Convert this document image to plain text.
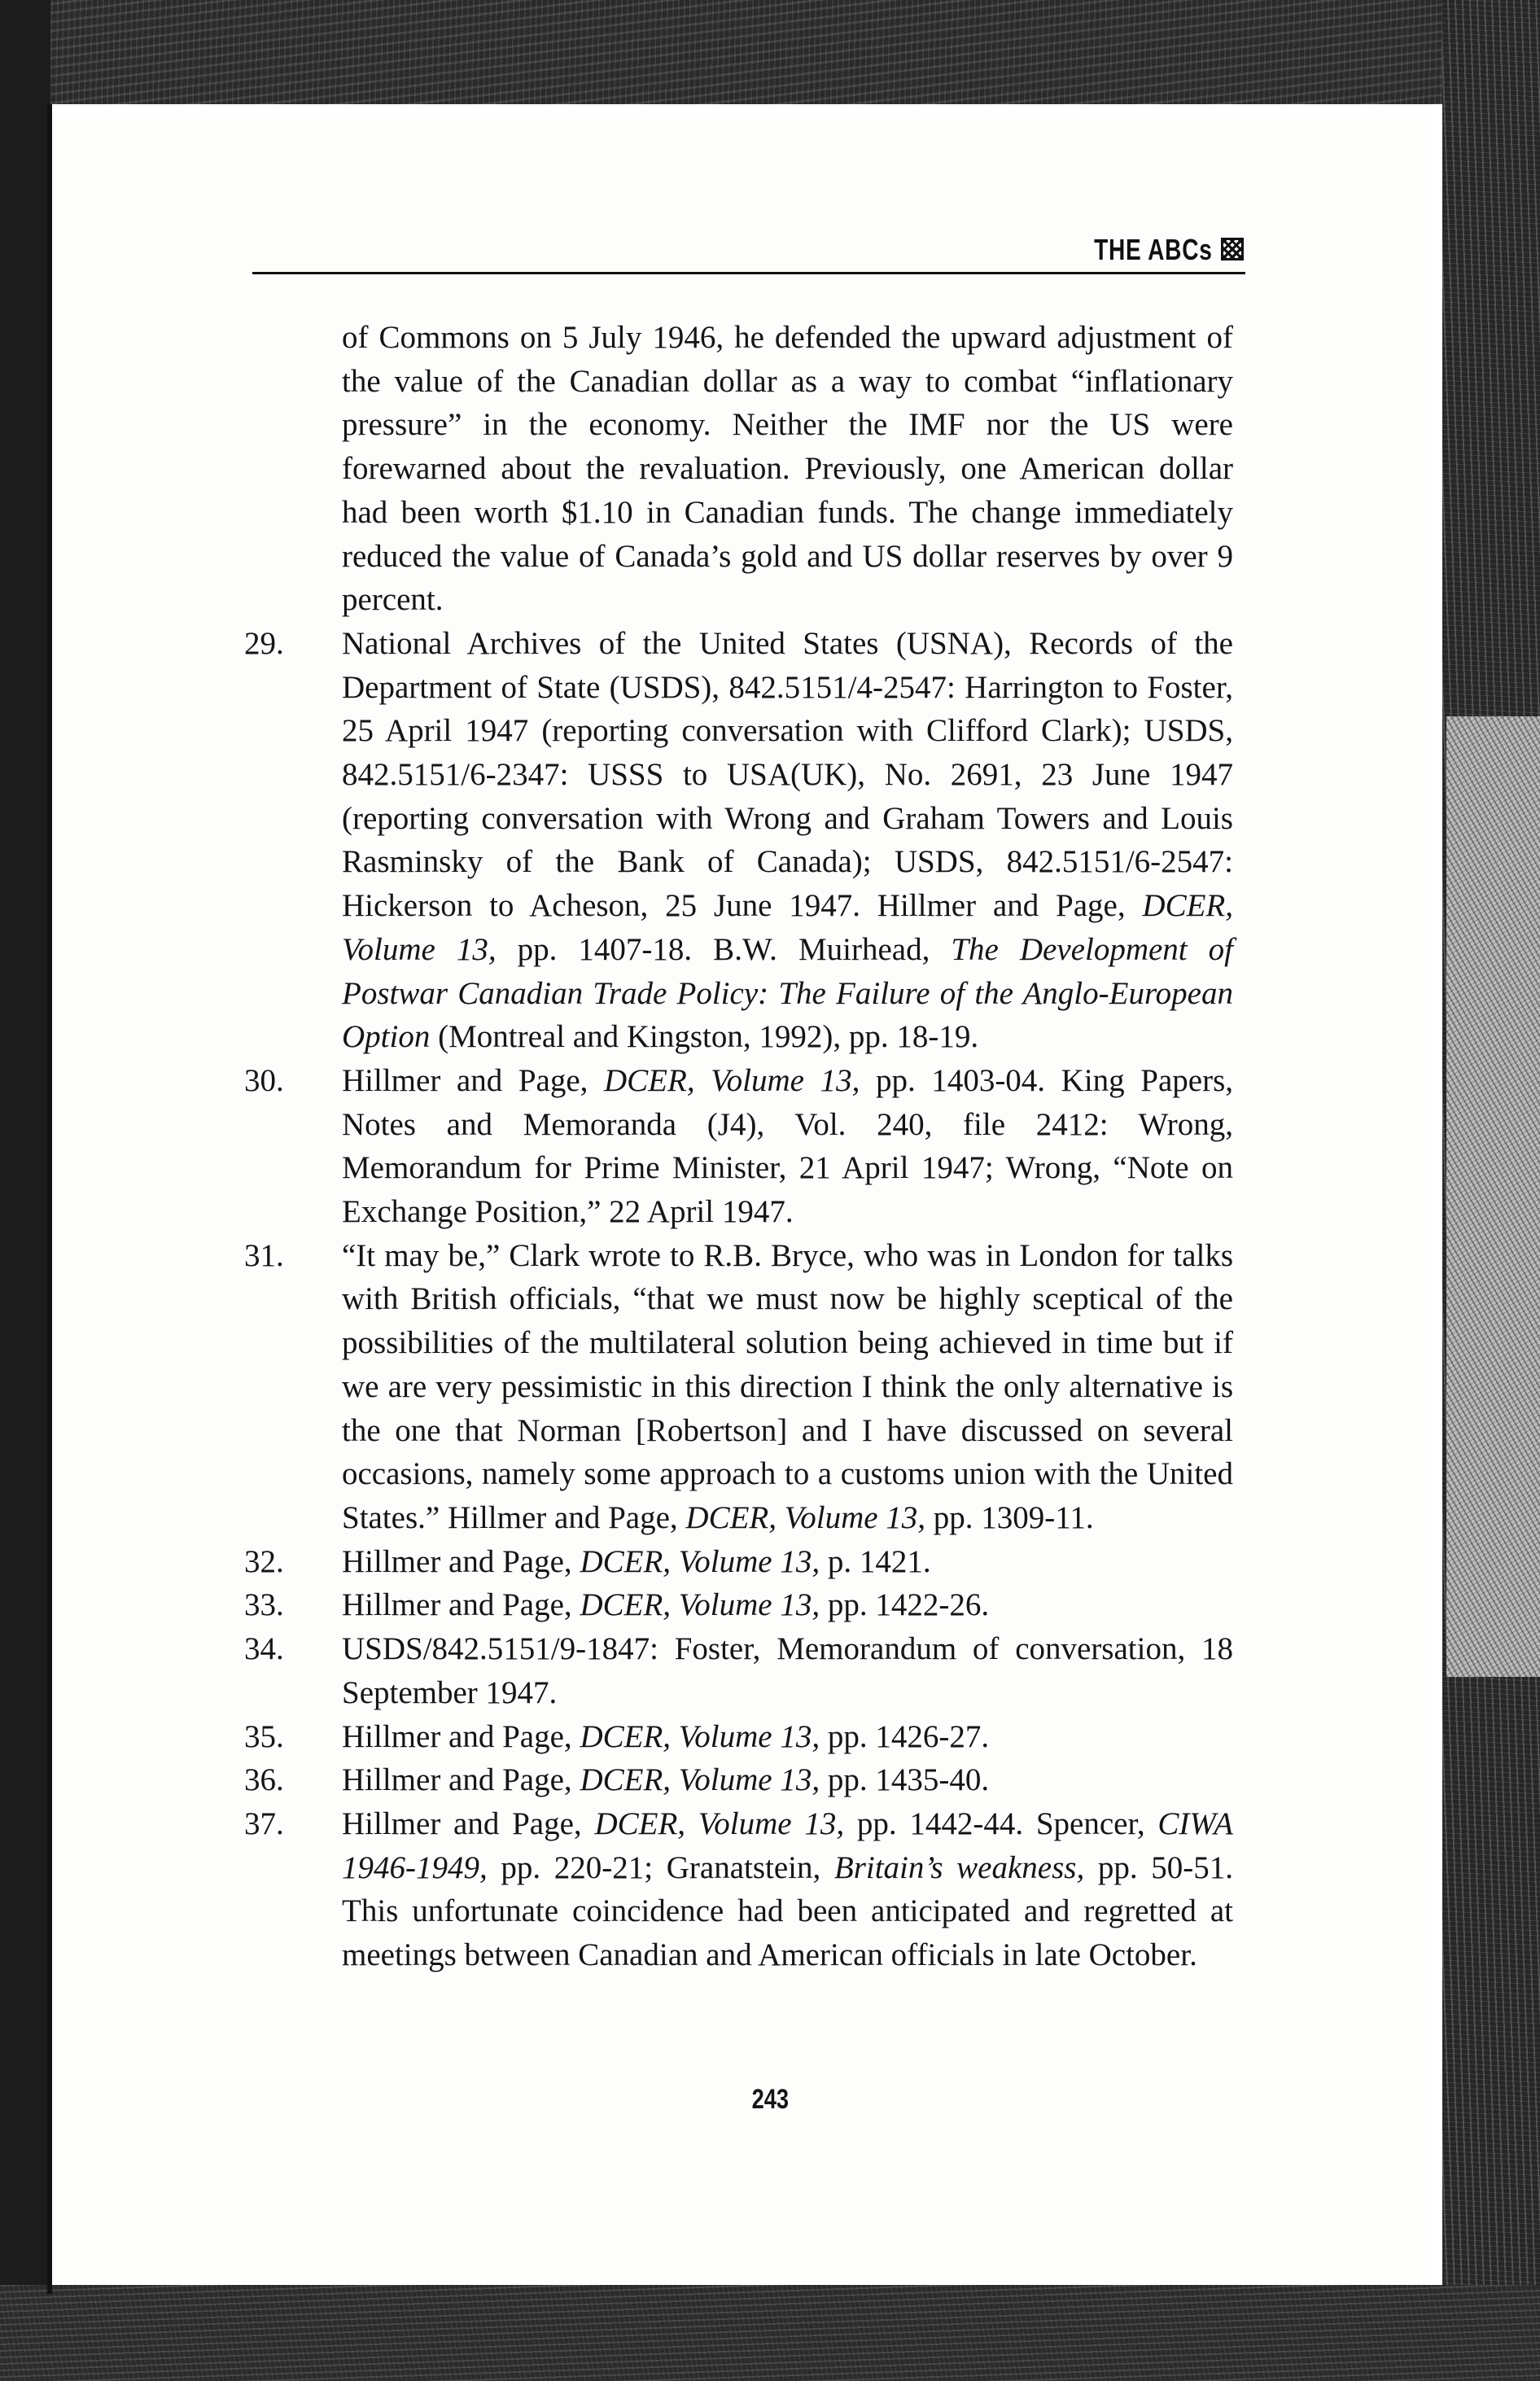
THE ABCs

of Commons on 5 July 1946, he defended the upward adjustment of the value of the Canadian dollar as a way to combat “inflationary pressure” in the economy. Neither the IMF nor the US were forewarned about the revaluation. Previously, one American dollar had been worth $1.10 in Canadian funds. The change immediately reduced the value of Canada’s gold and US dollar reserves by over 9 percent.

29. National Archives of the United States (USNA), Records of the Department of State (USDS), 842.5151/4-2547: Harrington to Foster, 25 April 1947 (reporting conversation with Clifford Clark); USDS, 842.5151/6-2347: USSS to USA(UK), No. 2691, 23 June 1947 (reporting conversation with Wrong and Graham Towers and Louis Rasminsky of the Bank of Canada); USDS, 842.5151/6-2547: Hickerson to Acheson, 25 June 1947. Hillmer and Page, DCER, Volume 13, pp. 1407-18. B.W. Muirhead, The Development of Postwar Canadian Trade Policy: The Failure of the Anglo-European Option (Montreal and Kingston, 1992), pp. 18-19.

30. Hillmer and Page, DCER, Volume 13, pp. 1403-04. King Papers, Notes and Memoranda (J4), Vol. 240, file 2412: Wrong, Memorandum for Prime Minister, 21 April 1947; Wrong, “Note on Exchange Position,” 22 April 1947.

31. “It may be,” Clark wrote to R.B. Bryce, who was in London for talks with British officials, “that we must now be highly sceptical of the possibilities of the multilateral solution being achieved in time but if we are very pessimistic in this direction I think the only alternative is the one that Norman [Robertson] and I have discussed on several occasions, namely some approach to a customs union with the United States.” Hillmer and Page, DCER, Volume 13, pp. 1309-11.

32. Hillmer and Page, DCER, Volume 13, p. 1421.

33. Hillmer and Page, DCER, Volume 13, pp. 1422-26.

34. USDS/842.5151/9-1847: Foster, Memorandum of conversation, 18 September 1947.

35. Hillmer and Page, DCER, Volume 13, pp. 1426-27.

36. Hillmer and Page, DCER, Volume 13, pp. 1435-40.

37. Hillmer and Page, DCER, Volume 13, pp. 1442-44. Spencer, CIWA 1946-1949, pp. 220-21; Granatstein, Britain’s weakness, pp. 50-51. This unfortunate coincidence had been anticipated and regretted at meetings between Canadian and American officials in late October.

243
